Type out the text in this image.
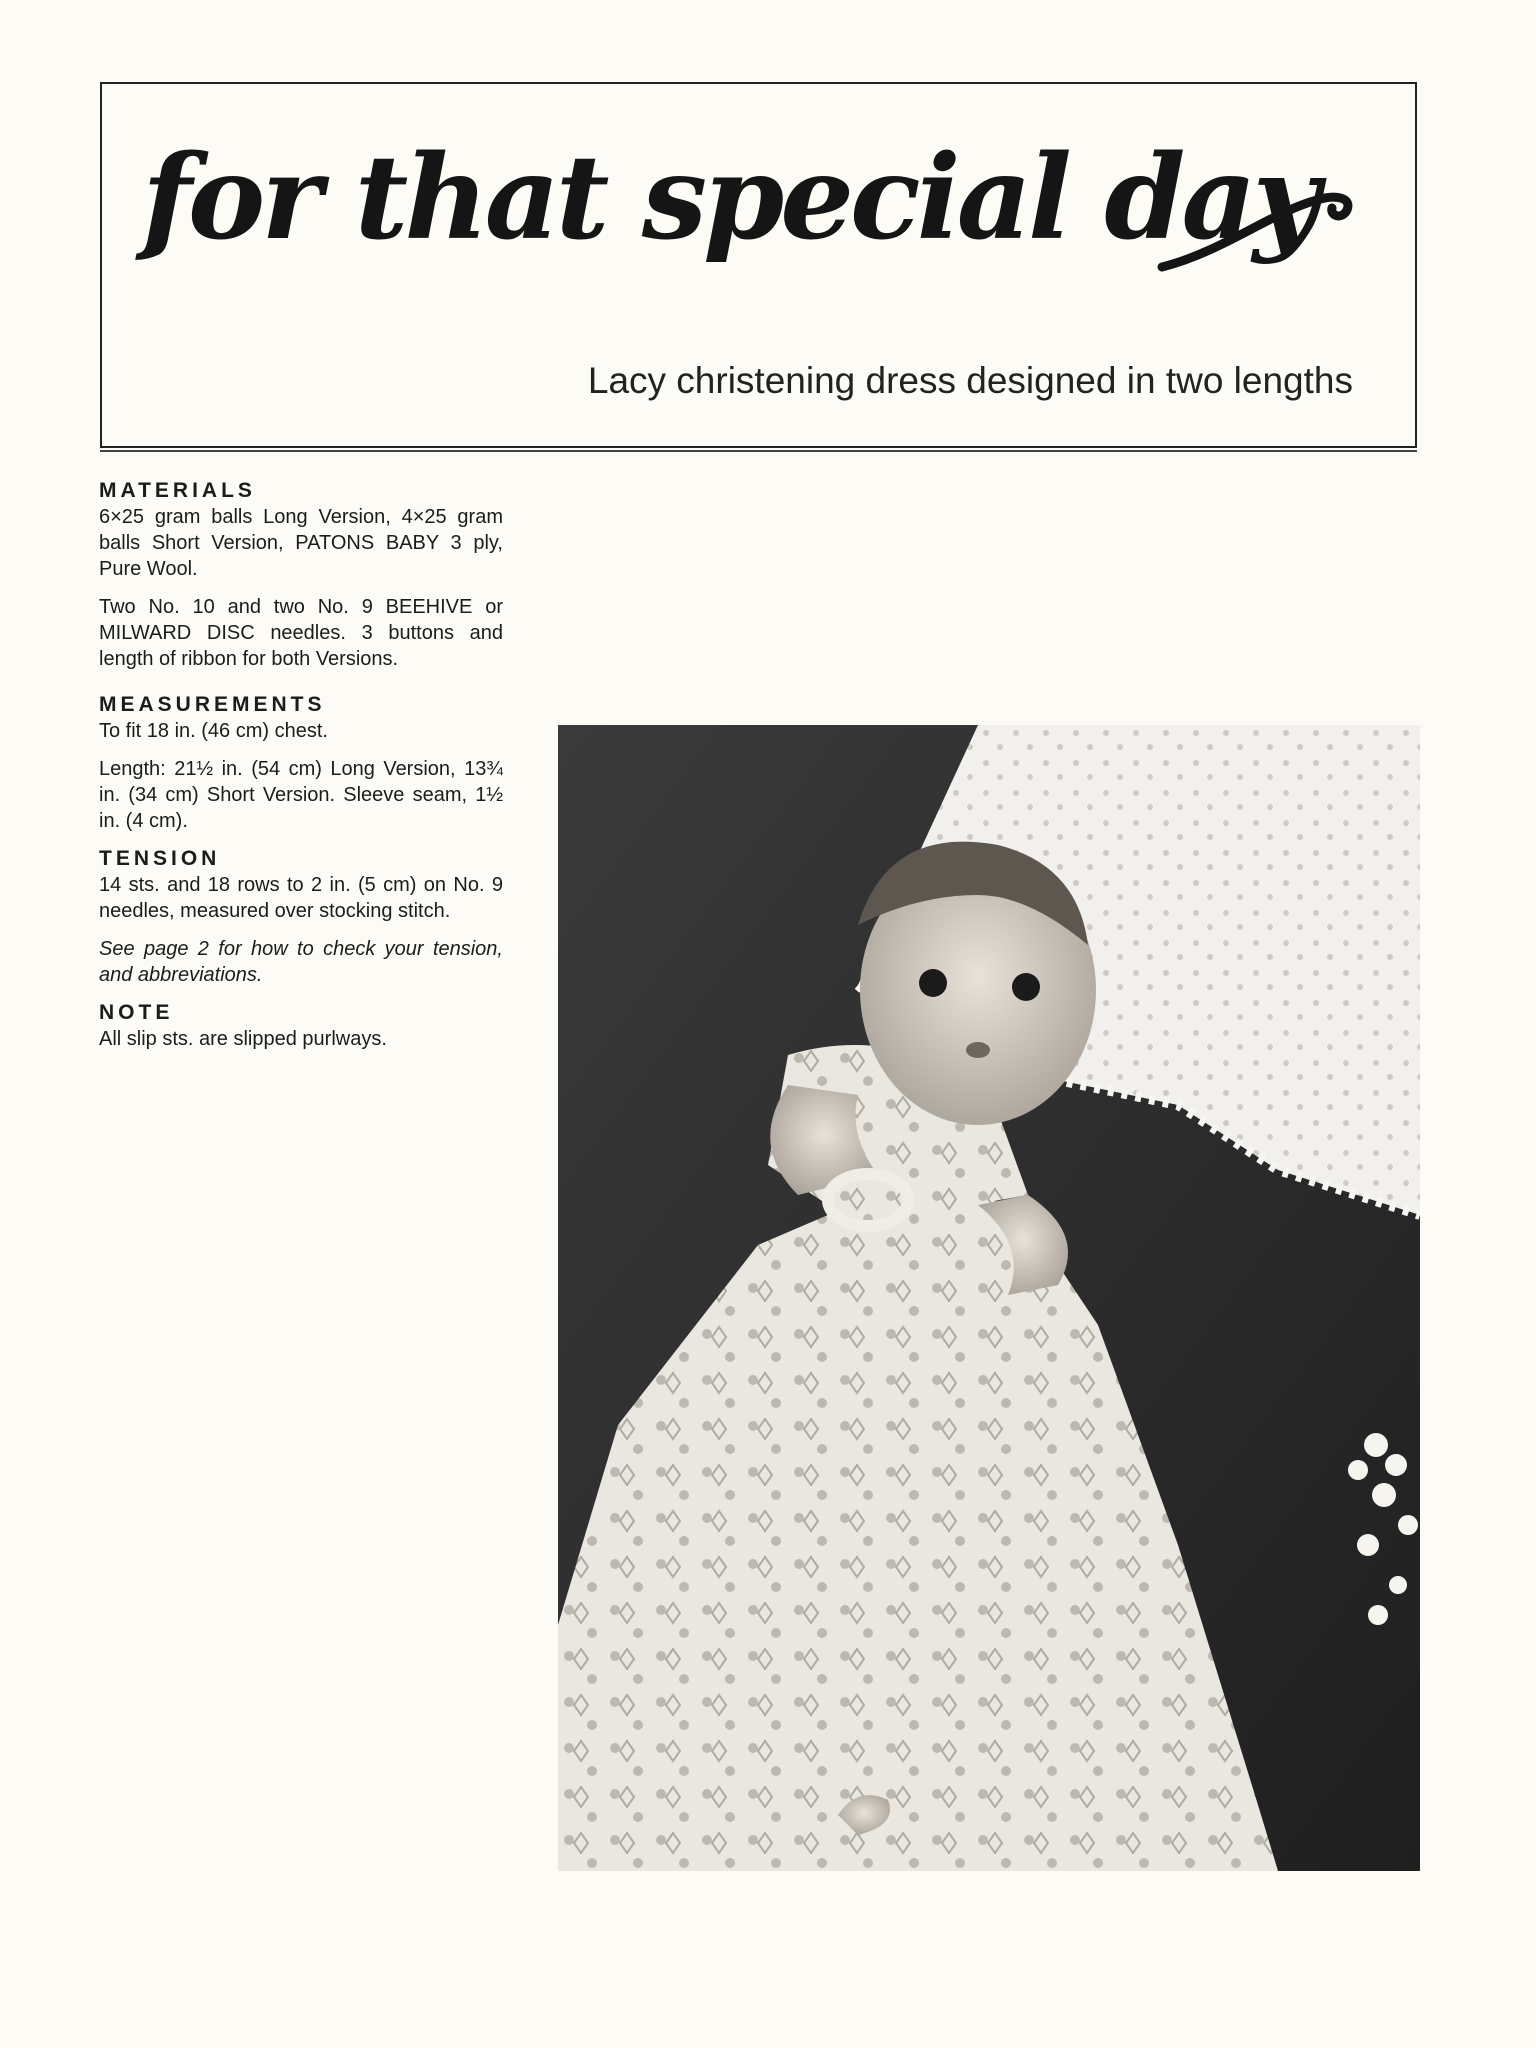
for that special day

Lacy christening dress designed in two lengths

MATERIALS

6×25 gram balls Long Version, 4×25 gram balls Short Version, PATONS BABY 3 ply, Pure Wool.

Two No. 10 and two No. 9 BEEHIVE or MILWARD DISC needles. 3 buttons and length of ribbon for both Versions.

MEASUREMENTS

To fit 18 in. (46 cm) chest.

Length: 21½ in. (54 cm) Long Version, 13¾ in. (34 cm) Short Version. Sleeve seam, 1½ in. (4 cm).

TENSION

14 sts. and 18 rows to 2 in. (5 cm) on No. 9 needles, measured over stocking stitch.

See page 2 for how to check your tension, and abbreviations.

NOTE

All slip sts. are slipped purlways.
